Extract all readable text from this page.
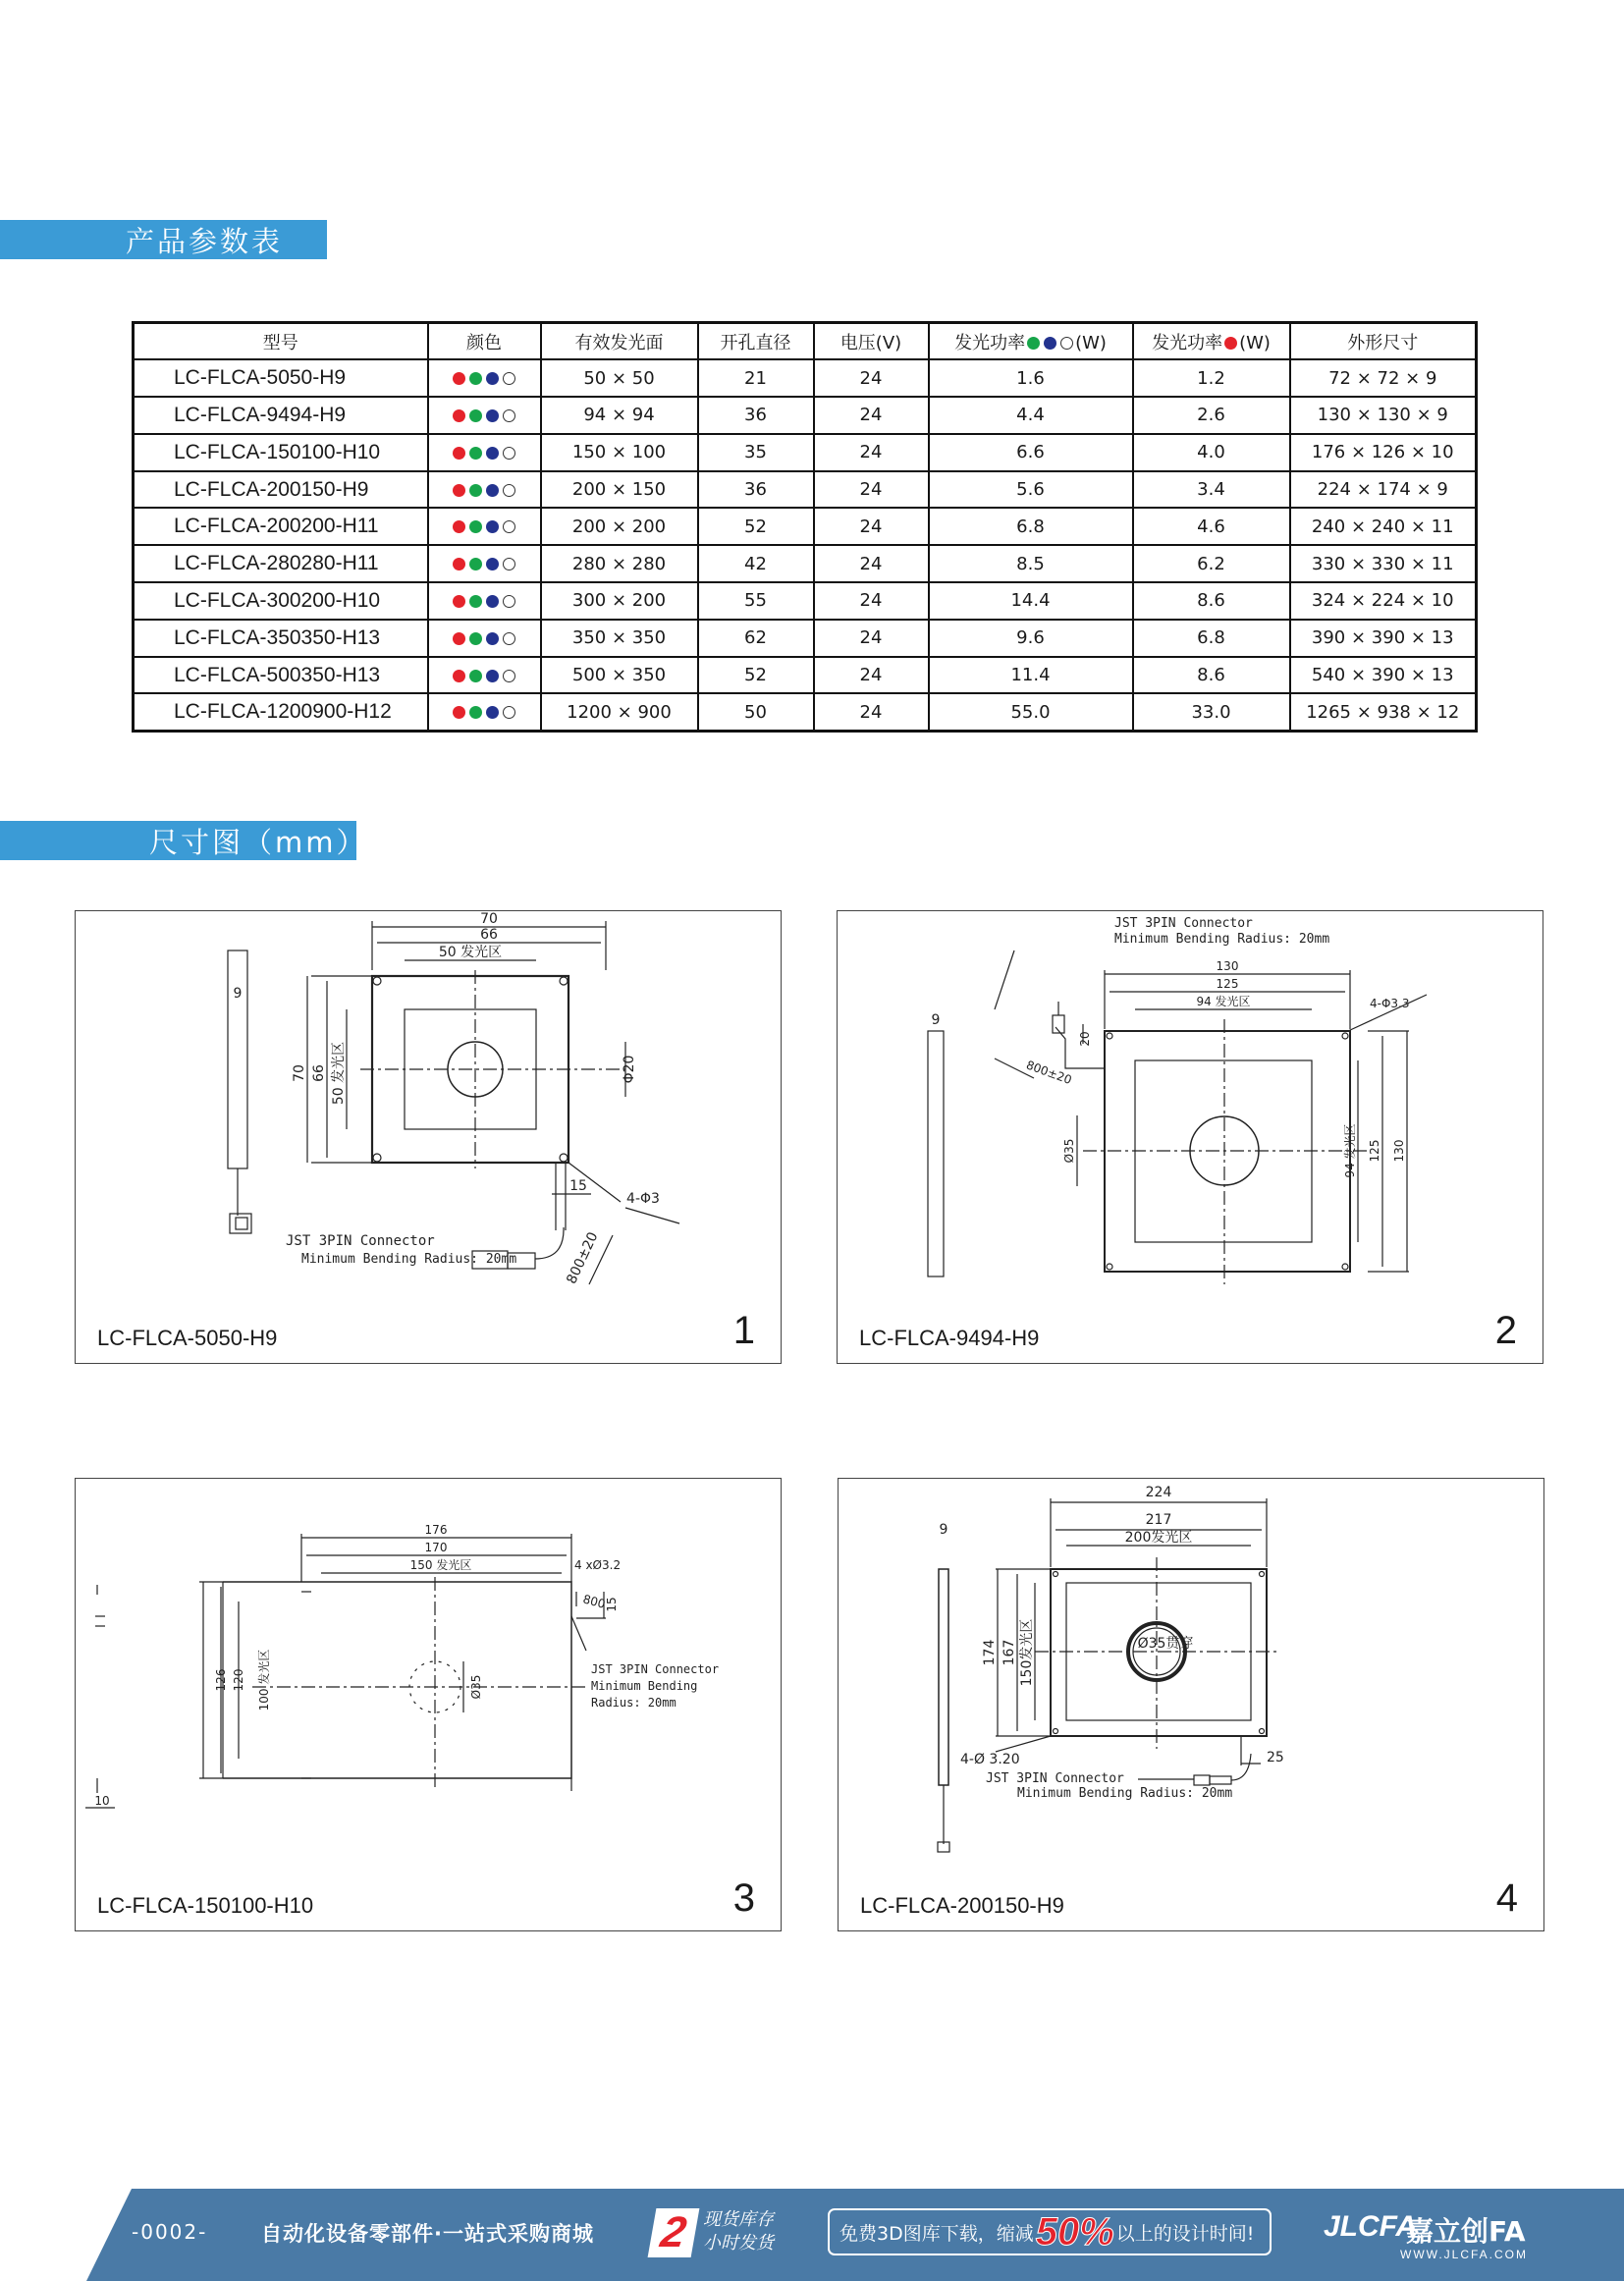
产品参数表
尺寸图（mm）
型号	颜色	有效发光面	开孔直径	电压(V)	发光功率 (W)	发光功率 (W)	外形尺寸
LC-FLCA-5050-H9		50 × 50	21	24	1.6	1.2	72 × 72 × 9
LC-FLCA-9494-H9		94 × 94	36	24	4.4	2.6	130 × 130 × 9
LC-FLCA-150100-H10		150 × 100	35	24	6.6	4.0	176 × 126 × 10
LC-FLCA-200150-H9		200 × 150	36	24	5.6	3.4	224 × 174 × 9
LC-FLCA-200200-H11		200 × 200	52	24	6.8	4.6	240 × 240 × 11
LC-FLCA-280280-H11		280 × 280	42	24	8.5	6.2	330 × 330 × 11
LC-FLCA-300200-H10		300 × 200	55	24	14.4	8.6	324 × 224 × 10
LC-FLCA-350350-H13		350 × 350	62	24	9.6	6.8	390 × 390 × 13
LC-FLCA-500350-H13		500 × 350	52	24	11.4	8.6	540 × 390 × 13
LC-FLCA-1200900-H12		1200 × 900	50	24	55.0	33.0	1265 × 938 × 12
9
70
66
50 发光区
70 66 50 发光区	Φ20
15
4-Φ3
JST 3PIN Connector
Minimum Bending Radius: 20mm	800±20
LC-FLCA-5050-H9	1
9
JST 3PIN Connector
Minimum Bending Radius: 20mm
130
125
94 发光区	4-Φ3.3
20
800±20
Ø35	94 发光区 125 130
LC-FLCA-9494-H9	2
176
170
150 发光区	4 xØ3.2
800
15
JST 3PIN Connector
Minimum Bending
Radius: 20mm
Ø35
126 120 100 发光区
10
LC-FLCA-150100-H10	3
224
217
200发光区
9
Ø35贯穿
174 167 150发光区
4-Ø 3.20	25
JST 3PIN Connector
Minimum Bending Radius: 20mm
LC-FLCA-200150-H9	4
-0002-	自动化设备零部件·一站式采购商城 2 现货库存
小时发货	免费3D图库下载，缩减 50% 以上的设计时间! JLCFA
嘉立创FA
WWW.JLCFA.COM
